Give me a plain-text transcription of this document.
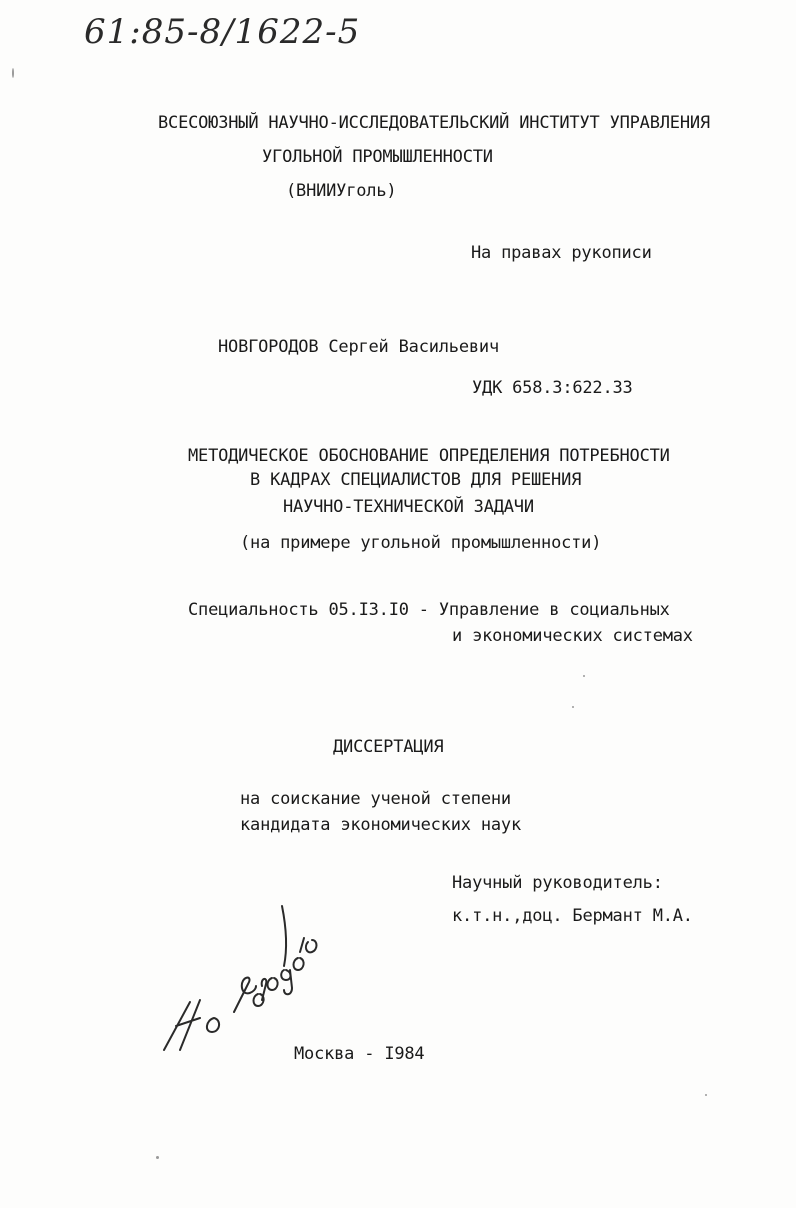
61:85-8/1622-5
ВСЕСОЮЗНЫЙ НАУЧНО-ИССЛЕДОВАТЕЛЬСКИЙ ИНСТИТУТ УПРАВЛЕНИЯ
УГОЛЬНОЙ ПРОМЫШЛЕННОСТИ
(ВНИИУголь)
На правах рукописи
НОВГОРОДОВ Сергей Васильевич
УДК 658.3:622.33
МЕТОДИЧЕСКОЕ ОБОСНОВАНИЕ ОПРЕДЕЛЕНИЯ ПОТРЕБНОСТИ
В КАДРАХ СПЕЦИАЛИСТОВ ДЛЯ РЕШЕНИЯ
НАУЧНО-ТЕХНИЧЕСКОЙ ЗАДАЧИ
(на примере угольной промышленности)
Специальность 05.I3.I0 - Управление в социальных
и экономических системах
ДИССЕРТАЦИЯ
на соискание ученой степени
кандидата экономических наук
Научный руководитель:
к.т.н.,доц. Бермант М.А.
Москва - I984
